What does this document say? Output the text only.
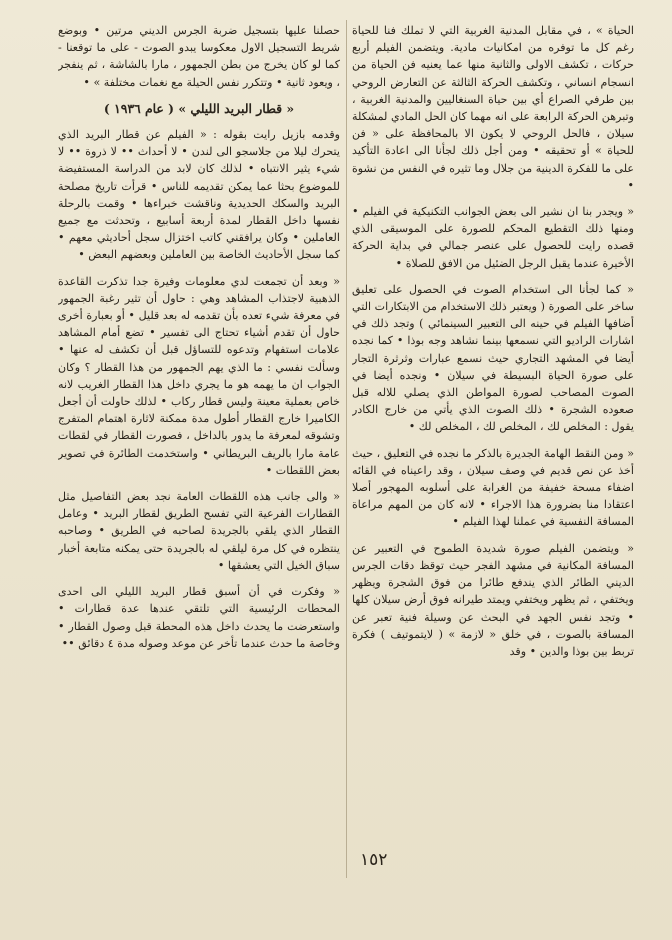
الحياة » ، في مقابل المدنية الغربية التي لا تملك فنا للحياة رغم كل ما توفره من امكانيات مادية. ويتضمن الفيلم أربع حركات ، تكشف الاولى والثانية منها عما يعنيه فن الحياة من انسجام انساني ، وتكشف الحركة الثالثة عن التعارض الروحي بين طرفي الصراع أي بين حياة السنغاليين والمدنية الغربية ، وتبرهن الحركة الرابعة على انه مهما كان الحل المادي لمشكلة سيلان ، فالحل الروحي لا يكون الا بالمحافظة على « فن للحياة » أو تحقيقه • ومن أجل ذلك لجأنا الى اعادة التأكيد على ما للفكرة الدينية من جلال وما تثيره في النفس من نشوة •

« ويجدر بنا ان نشير الى بعض الجوانب التكنيكية في الفيلم • ومنها ذلك التقطيع المحكم للصورة على الموسيقى الذي قصده رايت للحصول على عنصر جمالي في بداية الحركة الأخيرة عندما يقبل الرجل الضئيل من الافق للصلاة •

« كما لجأنا الى استخدام الصوت في الحصول على تعليق ساخر على الصورة ( ويعتبر ذلك الاستخدام من الابتكارات التي أضافها الفيلم في حينه الى التعبير السينمائي ) وتجد ذلك في اشارات الراديو التي نسمعها بينما نشاهد وجه بوذا • كما نجده أيضا في المشهد التجاري حيث نسمع عبارات وثرثرة التجار على صورة الحياة البسيطة في سيلان • ونجده أيضا في الصوت المصاحب لصورة المواطن الذي يصلي للاله قبل صعوده الشجرة • ذلك الصوت الذي يأتي من خارج الكادر يقول : المخلص لك ، المخلص لك ، المخلص لك •

« ومن النقط الهامة الجديرة بالذكر ما نجده في التعليق ، حيث أخذ عن نص قديم في وصف سيلان ، وقد راعيناه في القائه اضفاء مسحة خفيفة من الغرابة على أسلوبه المهجور أصلا اعتقادا منا بضرورة هذا الاجراء • لانه كان من المهم مراعاة المسافة النفسية في عملنا لهذا الفيلم •

« ويتضمن الفيلم صورة شديدة الطموح في التعبير عن المسافة المكانية في مشهد الفجر حيث توقظ دقات الجرس الديني الطائر الذي يندفع طائرا من فوق الشجرة ويظهر ويختفي ، ثم يظهر ويختفي ويمتد طيرانه فوق أرض سيلان كلها • وتجد نفس الجهد في البحث عن وسيلة فنية تعبر عن المسافة بالصوت ، في خلق « لازمة » ( لايتموتيف ) فكرة تربط بين بوذا والدين • وقد

حصلنا عليها بتسجيل ضربة الجرس الديني مرتين • وبوضع شريط التسجيل الاول معكوسا يبدو الصوت - على ما توقعنا - كما لو كان يخرج من بطن الجمهور ، مارا بالشاشة ، ثم ينفجر ، ويعود ثانية • وتتكرر نفس الحيلة مع نغمات مختلفة » •

« قطار البريد الليلي » ( عام ١٩٣٦ )

وقدمه بازيل رايت بقوله : « الفيلم عن قطار البريد الذي يتحرك ليلا من جلاسجو الى لندن • لا أحداث •• لا ذروة •• لا شيء يثير الانتباه • لذلك كان لابد من الدراسة المستفيضة للموضوع بحثا عما يمكن تقديمه للناس • قرأت تاريخ مصلحة البريد والسكك الحديدية وناقشت خبراءها • وقمت بالرحلة نفسها داخل القطار لمدة أربعة أسابيع ، وتحدثت مع جميع العاملين • وكان يرافقني كاتب اختزال سجل أحاديثي معهم • كما سجل الأحاديث الخاصة بين العاملين وبعضهم البعض •

« وبعد أن تجمعت لدي معلومات وفيرة جدا تذكرت القاعدة الذهبية لاجتذاب المشاهد وهي : حاول أن تثير رغبة الجمهور في معرفة شيء تعده بأن تقدمه له بعد قليل • أو بعبارة أخرى حاول أن تقدم أشياء تحتاج الى تفسير • تضع أمام المشاهد علامات استفهام وتدعوه للتساؤل قبل أن تكشف له عنها • وسألت نفسي : ما الذي يهم الجمهور من هذا القطار ؟ وكان الجواب ان ما يهمه هو ما يجري داخل هذا القطار الغريب لانه خاص بعملية معينة وليس قطار ركاب • لذلك حاولت أن أجعل الكاميرا خارج القطار أطول مدة ممكنة لاثارة اهتمام المتفرج وتشوقه لمعرفة ما يدور بالداخل ، فصورت القطار في لقطات عامة مارا بالريف البريطاني • واستخدمت الطائرة في تصوير بعض اللقطات •

« والى جانب هذه اللقطات العامة نجد بعض التفاصيل مثل القطارات الفرعية التي تفسح الطريق لقطار البريد • وعامل القطار الذي يلقي بالجريدة لصاحبه في الطريق • وصاحبه ينتظره في كل مرة ليلقي له بالجريدة حتى يمكنه متابعة أخبار سباق الخيل التي يعشقها •

« وفكرت في أن أسبق قطار البريد الليلي الى احدى المحطات الرئيسية التي تلتقي عندها عدة قطارات • واستعرضت ما يحدث داخل هذه المحطة قبل وصول القطار • وخاصة ما حدث عندما تأخر عن موعد وصوله مدة ٤ دقائق ••

١٥٢
